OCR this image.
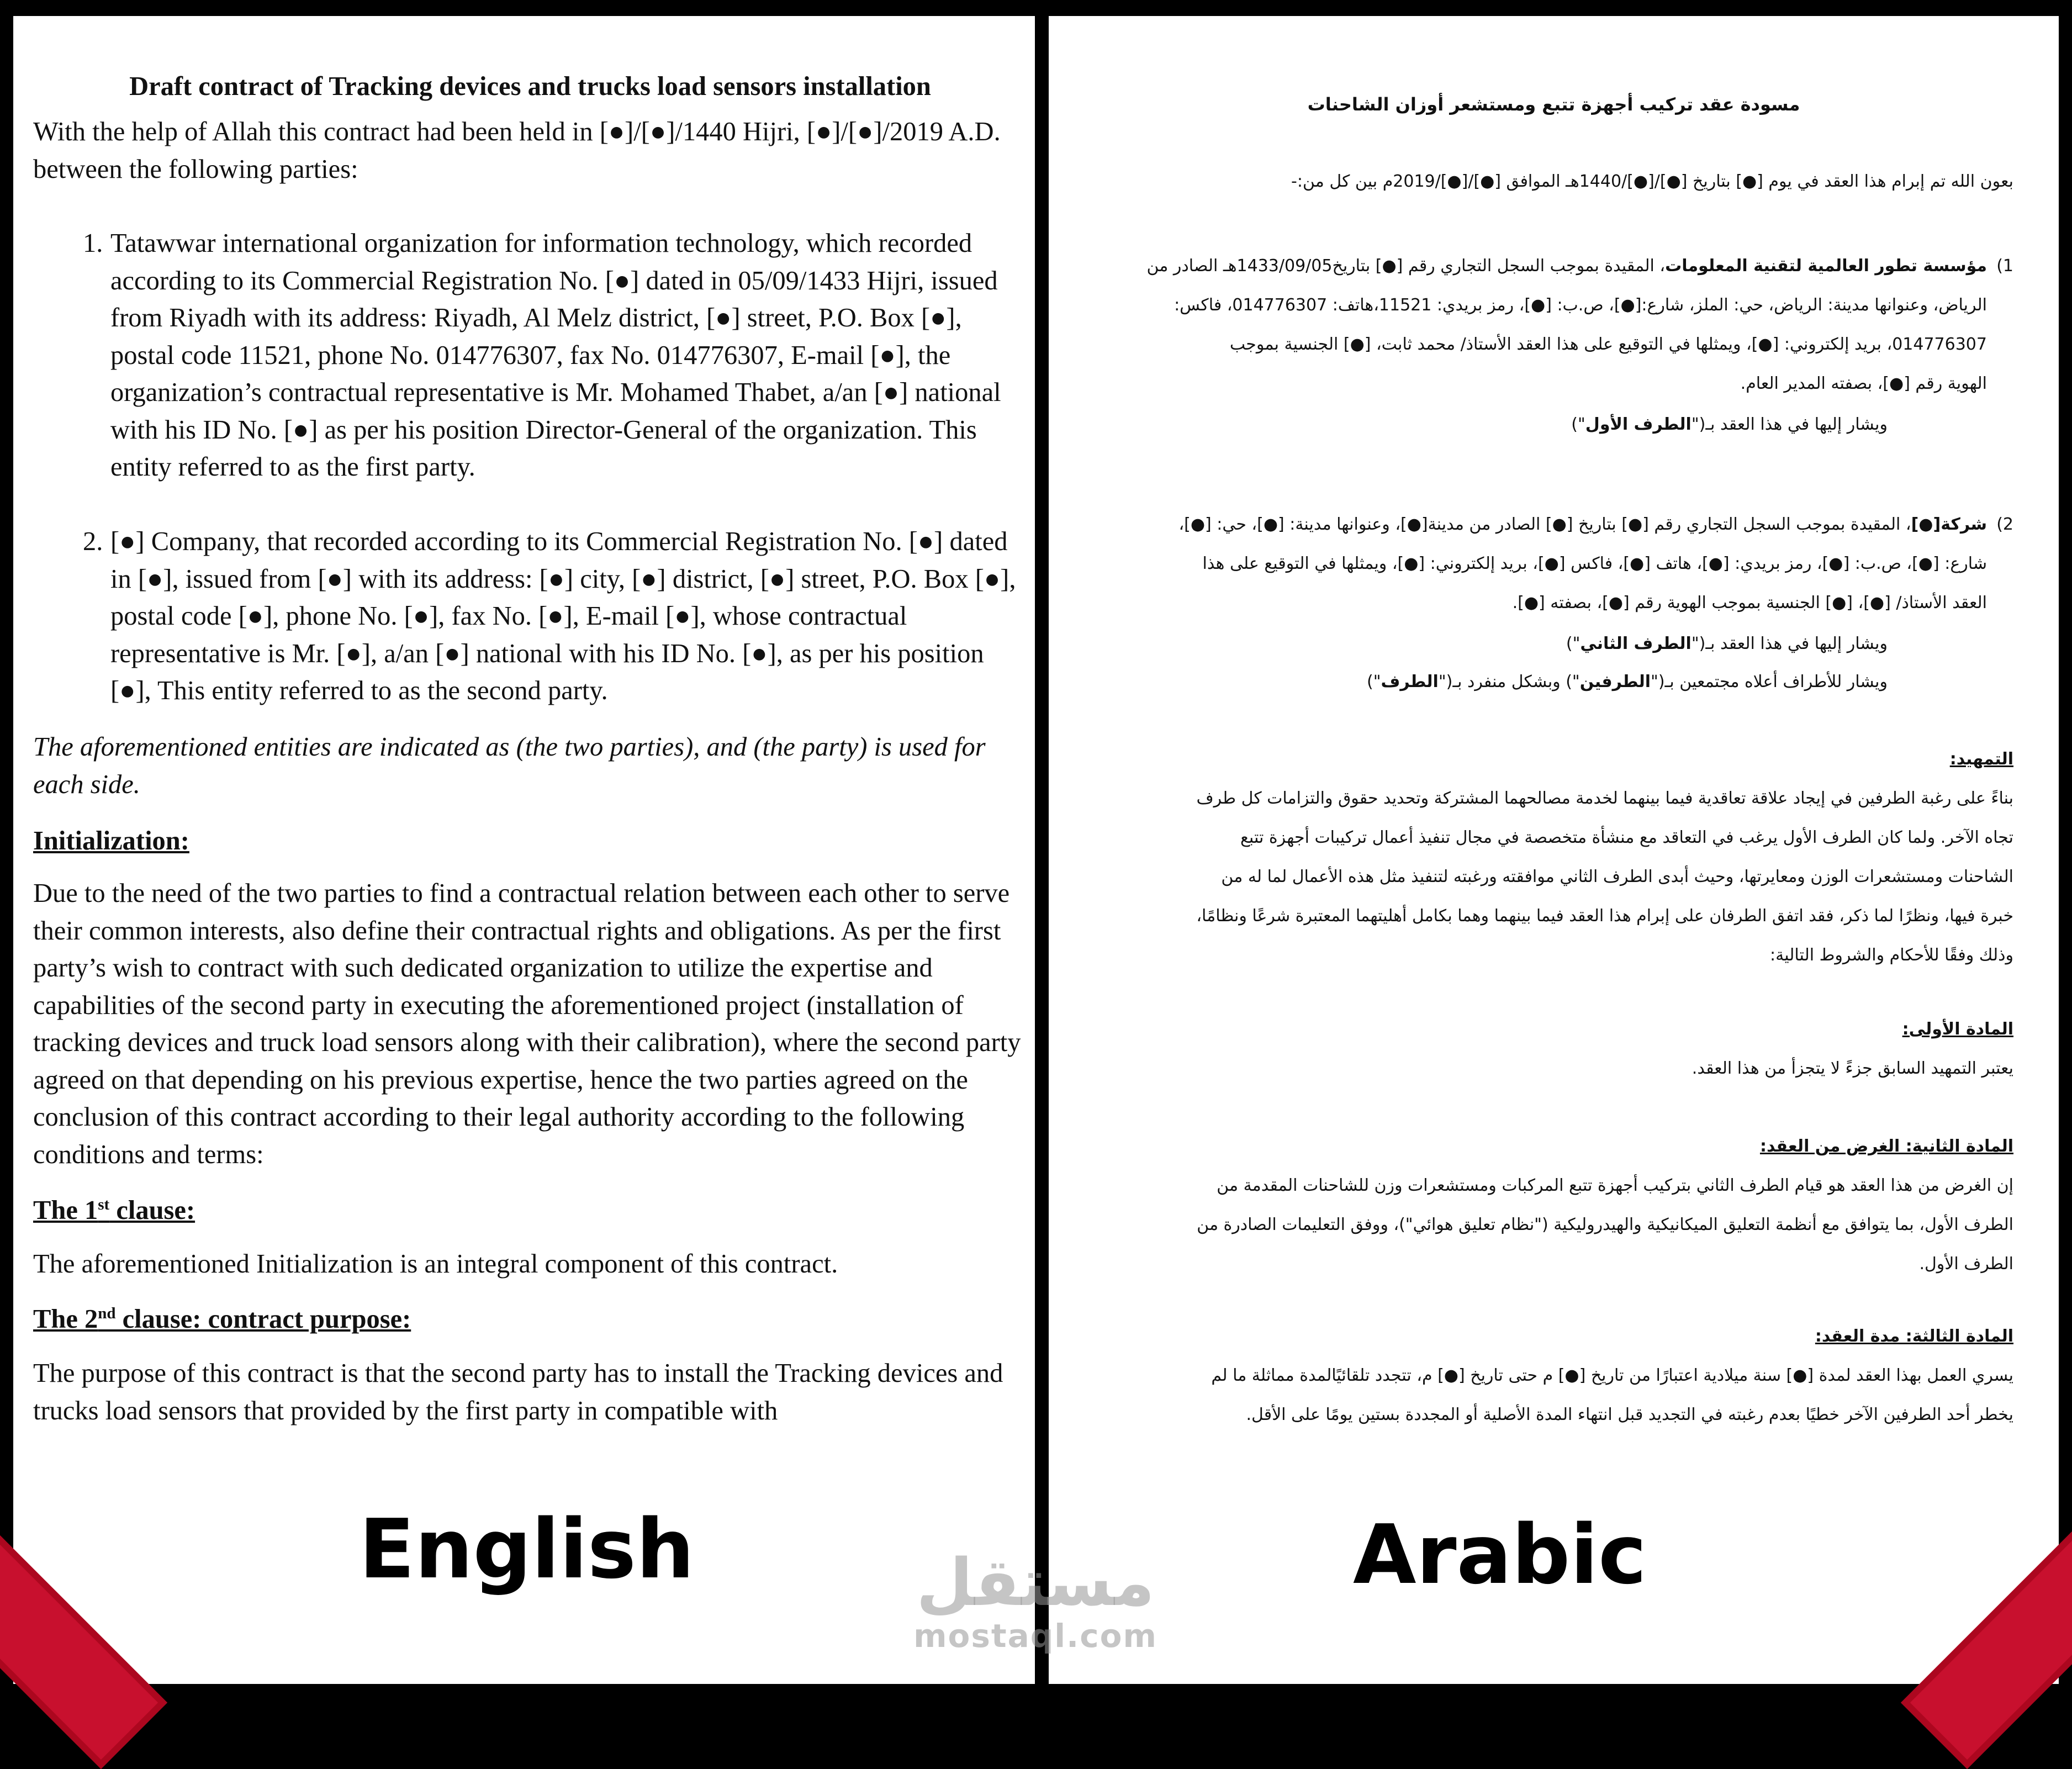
Draft contract of Tracking devices and trucks load sensors installation

With the help of Allah this contract had been held in [●]/[●]/1440 Hijri, [●]/[●]/2019 A.D. between the following parties:

1. Tatawwar international organization for information technology, which recorded according to its Commercial Registration No. [●] dated in 05/09/1433 Hijri, issued from Riyadh with its address: Riyadh, Al Melz district, [●] street, P.O. Box [●], postal code 11521, phone No. 014776307, fax No. 014776307, E-mail [●], the organization’s contractual representative is Mr. Mohamed Thabet, a/an [●] national with his ID No. [●] as per his position Director-General of the organization. This entity referred to as the first party.

2. [●] Company, that recorded according to its Commercial Registration No. [●] dated in [●], issued from [●] with its address: [●] city, [●] district, [●] street, P.O. Box [●], postal code [●], phone No. [●], fax No. [●], E-mail [●], whose contractual representative is Mr. [●], a/an [●] national with his ID No. [●], as per his position [●], This entity referred to as the second party.

The aforementioned entities are indicated as (the two parties), and (the party) is used for each side.

Initialization:

Due to the need of the two parties to find a contractual relation between each other to serve their common interests, also define their contractual rights and obligations. As per the first party’s wish to contract with such dedicated organization to utilize the expertise and capabilities of the second party in executing the aforementioned project (installation of tracking devices and truck load sensors along with their calibration), where the second party agreed on that depending on his previous expertise, hence the two parties agreed on the conclusion of this contract according to their legal authority according to the following conditions and terms:

The 1st clause:

The aforementioned Initialization is an integral component of this contract.

The 2nd clause: contract purpose:

The purpose of this contract is that the second party has to install the Tracking devices and trucks load sensors that provided by the first party in compatible with

مسودة عقد تركيب أجهزة تتبع ومستشعر أوزان الشاحنات
بعون الله تم إبرام هذا العقد في يوم [●] بتاريخ [●]/[●]/1440هـ الموافق [●]/[●]/2019م بين كل من:-
1)
مؤسسة تطور العالمية لتقنية المعلومات، المقيدة بموجب السجل التجاري رقم [●] بتاريخ1433/09/05هـ الصادر من
الرياض، وعنوانها مدينة: الرياض، حي: الملز، شارع:[●]، ص.ب: [●]، رمز بريدي: 11521،هاتف: 014776307، فاكس:
014776307، بريد إلكتروني: [●]، ويمثلها في التوقيع على هذا العقد الأستاذ/ محمد ثابت، [●] الجنسية بموجب
الهوية رقم [●]، بصفته المدير العام.
ويشار إليها في هذا العقد بـ("الطرف الأول")
2)
شركة[●]، المقيدة بموجب السجل التجاري رقم [●] بتاريخ [●] الصادر من مدينة[●]، وعنوانها مدينة: [●]، حي: [●]،
شارع: [●]، ص.ب: [●]، رمز بريدي: [●]، هاتف [●]، فاكس [●]، بريد إلكتروني: [●]، ويمثلها في التوقيع على هذا
العقد الأستاذ/ [●]، [●] الجنسية بموجب الهوية رقم [●]، بصفته [●].
ويشار إليها في هذا العقد بـ("الطرف الثاني")
ويشار للأطراف أعلاه مجتمعين بـ("الطرفين") وبشكل منفرد بـ("الطرف")
التمهيد:
بناءً على رغبة الطرفين في إيجاد علاقة تعاقدية فيما بينهما لخدمة مصالحهما المشتركة وتحديد حقوق والتزامات كل طرف
تجاه الآخر. ولما كان الطرف الأول يرغب في التعاقد مع منشأة متخصصة في مجال تنفيذ أعمال تركيبات أجهزة تتبع
الشاحنات ومستشعرات الوزن ومعايرتها، وحيث أبدى الطرف الثاني موافقته ورغبته لتنفيذ مثل هذه الأعمال لما له من
خبرة فيها، ونظرًا لما ذكر، فقد اتفق الطرفان على إبرام هذا العقد فيما بينهما وهما بكامل أهليتهما المعتبرة شرعًا ونظامًا،
وذلك وفقًا للأحكام والشروط التالية:
المادة الأولى:
يعتبر التمهيد السابق جزءً لا يتجزأ من هذا العقد.
المادة الثانية: الغرض من العقد:
إن الغرض من هذا العقد هو قيام الطرف الثاني بتركيب أجهزة تتبع المركبات ومستشعرات وزن للشاحنات المقدمة من
الطرف الأول، بما يتوافق مع أنظمة التعليق الميكانيكية والهيدروليكية ("نظام تعليق هوائي")، ووفق التعليمات الصادرة من
الطرف الأول.
المادة الثالثة: مدة العقد:
يسري العمل بهذا العقد لمدة [●] سنة ميلادية اعتبارًا من تاريخ [●] م حتى تاريخ [●] م، تتجدد تلقائيًالمدة مماثلة ما لم
يخطر أحد الطرفين الآخر خطيًا بعدم رغبته في التجديد قبل انتهاء المدة الأصلية أو المجددة بستين يومًا على الأقل.
English	Arabic
مستقل
mostaql.com
